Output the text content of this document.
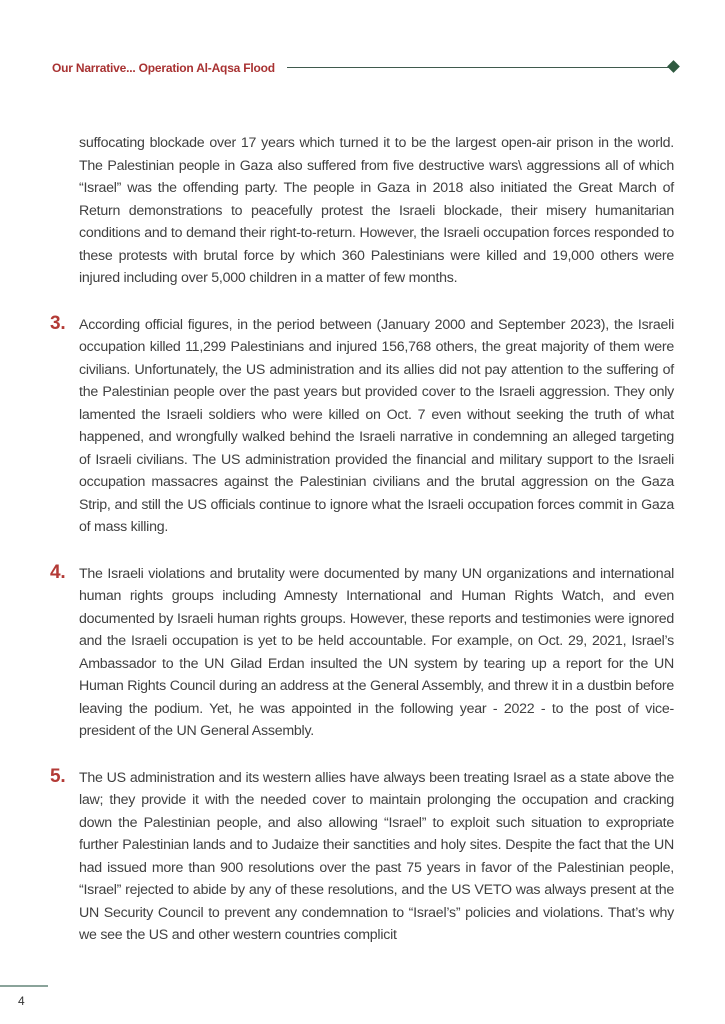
Our Narrative... Operation Al-Aqsa Flood

suffocating blockade over 17 years which turned it to be the largest open-air prison in the world. The Palestinian people in Gaza also suffered from five destructive wars\ aggressions all of which “Israel” was the offending party. The people in Gaza in 2018 also initiated the Great March of Return demonstrations to peacefully protest the Israeli blockade, their misery humanitarian conditions and to demand their right-to-return. However, the Israeli occupation forces responded to these protests with brutal force by which 360 Palestinians were killed and 19,000 others were injured including over 5,000 children in a matter of few months.

3. According official figures, in the period between (January 2000 and September 2023), the Israeli occupation killed 11,299 Palestinians and injured 156,768 others, the great majority of them were civilians. Unfortunately, the US administration and its allies did not pay attention to the suffering of the Palestinian people over the past years but provided cover to the Israeli aggression. They only lamented the Israeli soldiers who were killed on Oct. 7 even without seeking the truth of what happened, and wrongfully walked behind the Israeli narrative in condemning an alleged targeting of Israeli civilians. The US administration provided the financial and military support to the Israeli occupation massacres against the Palestinian civilians and the brutal aggression on the Gaza Strip, and still the US officials continue to ignore what the Israeli occupation forces commit in Gaza of mass killing.

4. The Israeli violations and brutality were documented by many UN organizations and international human rights groups including Amnesty International and Human Rights Watch, and even documented by Israeli human rights groups. However, these reports and testimonies were ignored and the Israeli occupation is yet to be held accountable. For example, on Oct. 29, 2021, Israel’s Ambassador to the UN Gilad Erdan insulted the UN system by tearing up a report for the UN Human Rights Council during an address at the General Assembly, and threw it in a dustbin before leaving the podium. Yet, he was appointed in the following year - 2022 - to the post of vice-president of the UN General Assembly.

5. The US administration and its western allies have always been treating Israel as a state above the law; they provide it with the needed cover to maintain prolonging the occupation and cracking down the Palestinian people, and also allowing “Israel” to exploit such situation to expropriate further Palestinian lands and to Judaize their sanctities and holy sites. Despite the fact that the UN had issued more than 900 resolutions over the past 75 years in favor of the Palestinian people, “Israel” rejected to abide by any of these resolutions, and the US VETO was always present at the UN Security Council to prevent any condemnation to “Israel’s” policies and violations. That’s why we see the US and other western countries complicit

4
